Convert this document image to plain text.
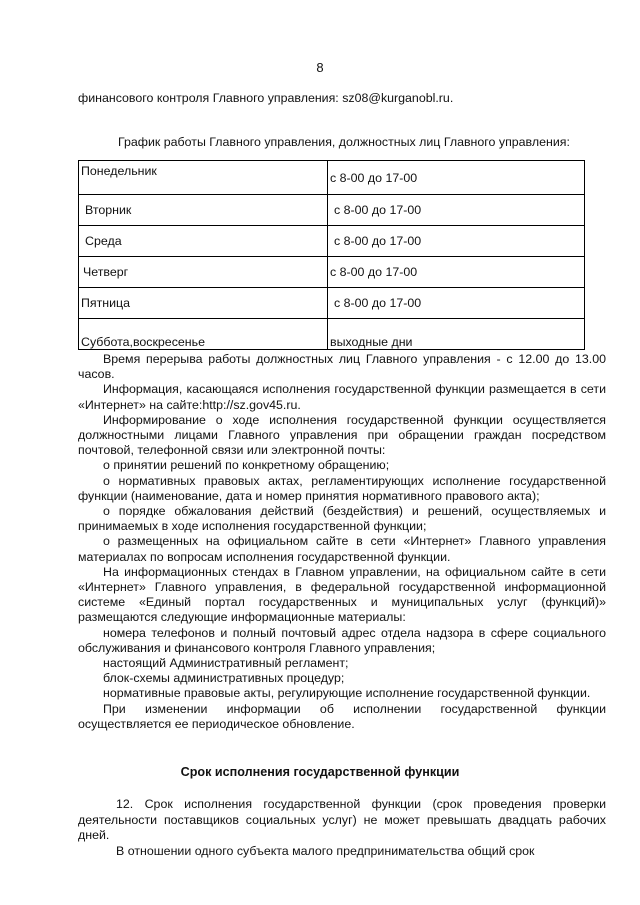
8
финансового контроля Главного управления: sz08@kurganobl.ru.
График работы Главного управления, должностных лиц Главного управления:
Понедельник	с 8-00 до 17-00
Вторник	с 8-00 до 17-00
Среда	с 8-00 до 17-00
Четверг	с 8-00 до 17-00
Пятница	с 8-00 до 17-00
Суббота,воскресенье	выходные дни

Время перерыва работы должностных лиц Главного управления - с 12.00 до 13.00 часов.

Информация, касающаяся исполнения государственной функции размещается в сети «Интернет» на сайте:http://sz.gov45.ru.

Информирование о ходе исполнения государственной функции осуществляется должностными лицами Главного управления при обращении граждан посредством почтовой, телефонной связи или электронной почты:

о принятии решений по конкретному обращению;

о нормативных правовых актах, регламентирующих исполнение государственной функции (наименование, дата и номер принятия нормативного правового акта);

о порядке обжалования действий (бездействия) и решений, осуществляемых и принимаемых в ходе исполнения государственной функции;

о размещенных на официальном сайте в сети «Интернет» Главного управления материалах по вопросам исполнения государственной функции.

На информационных стендах в Главном управлении, на официальном сайте в сети «Интернет» Главного управления, в федеральной государственной информационной системе «Единый портал государственных и муниципальных услуг (функций)» размещаются следующие информационные материалы:

номера телефонов и полный почтовый адрес отдела надзора в сфере социального обслуживания и финансового контроля Главного управления;

настоящий Административный регламент;

блок-схемы административных процедур;

нормативные правовые акты, регулирующие исполнение государственной функции.

При изменении информации об исполнении государственной функции осуществляется ее периодическое обновление.

Срок исполнения государственной функции

12. Срок исполнения государственной функции (срок проведения проверки деятельности поставщиков социальных услуг) не может превышать двадцать рабочих дней.

В отношении одного субъекта малого предпринимательства общий срок
